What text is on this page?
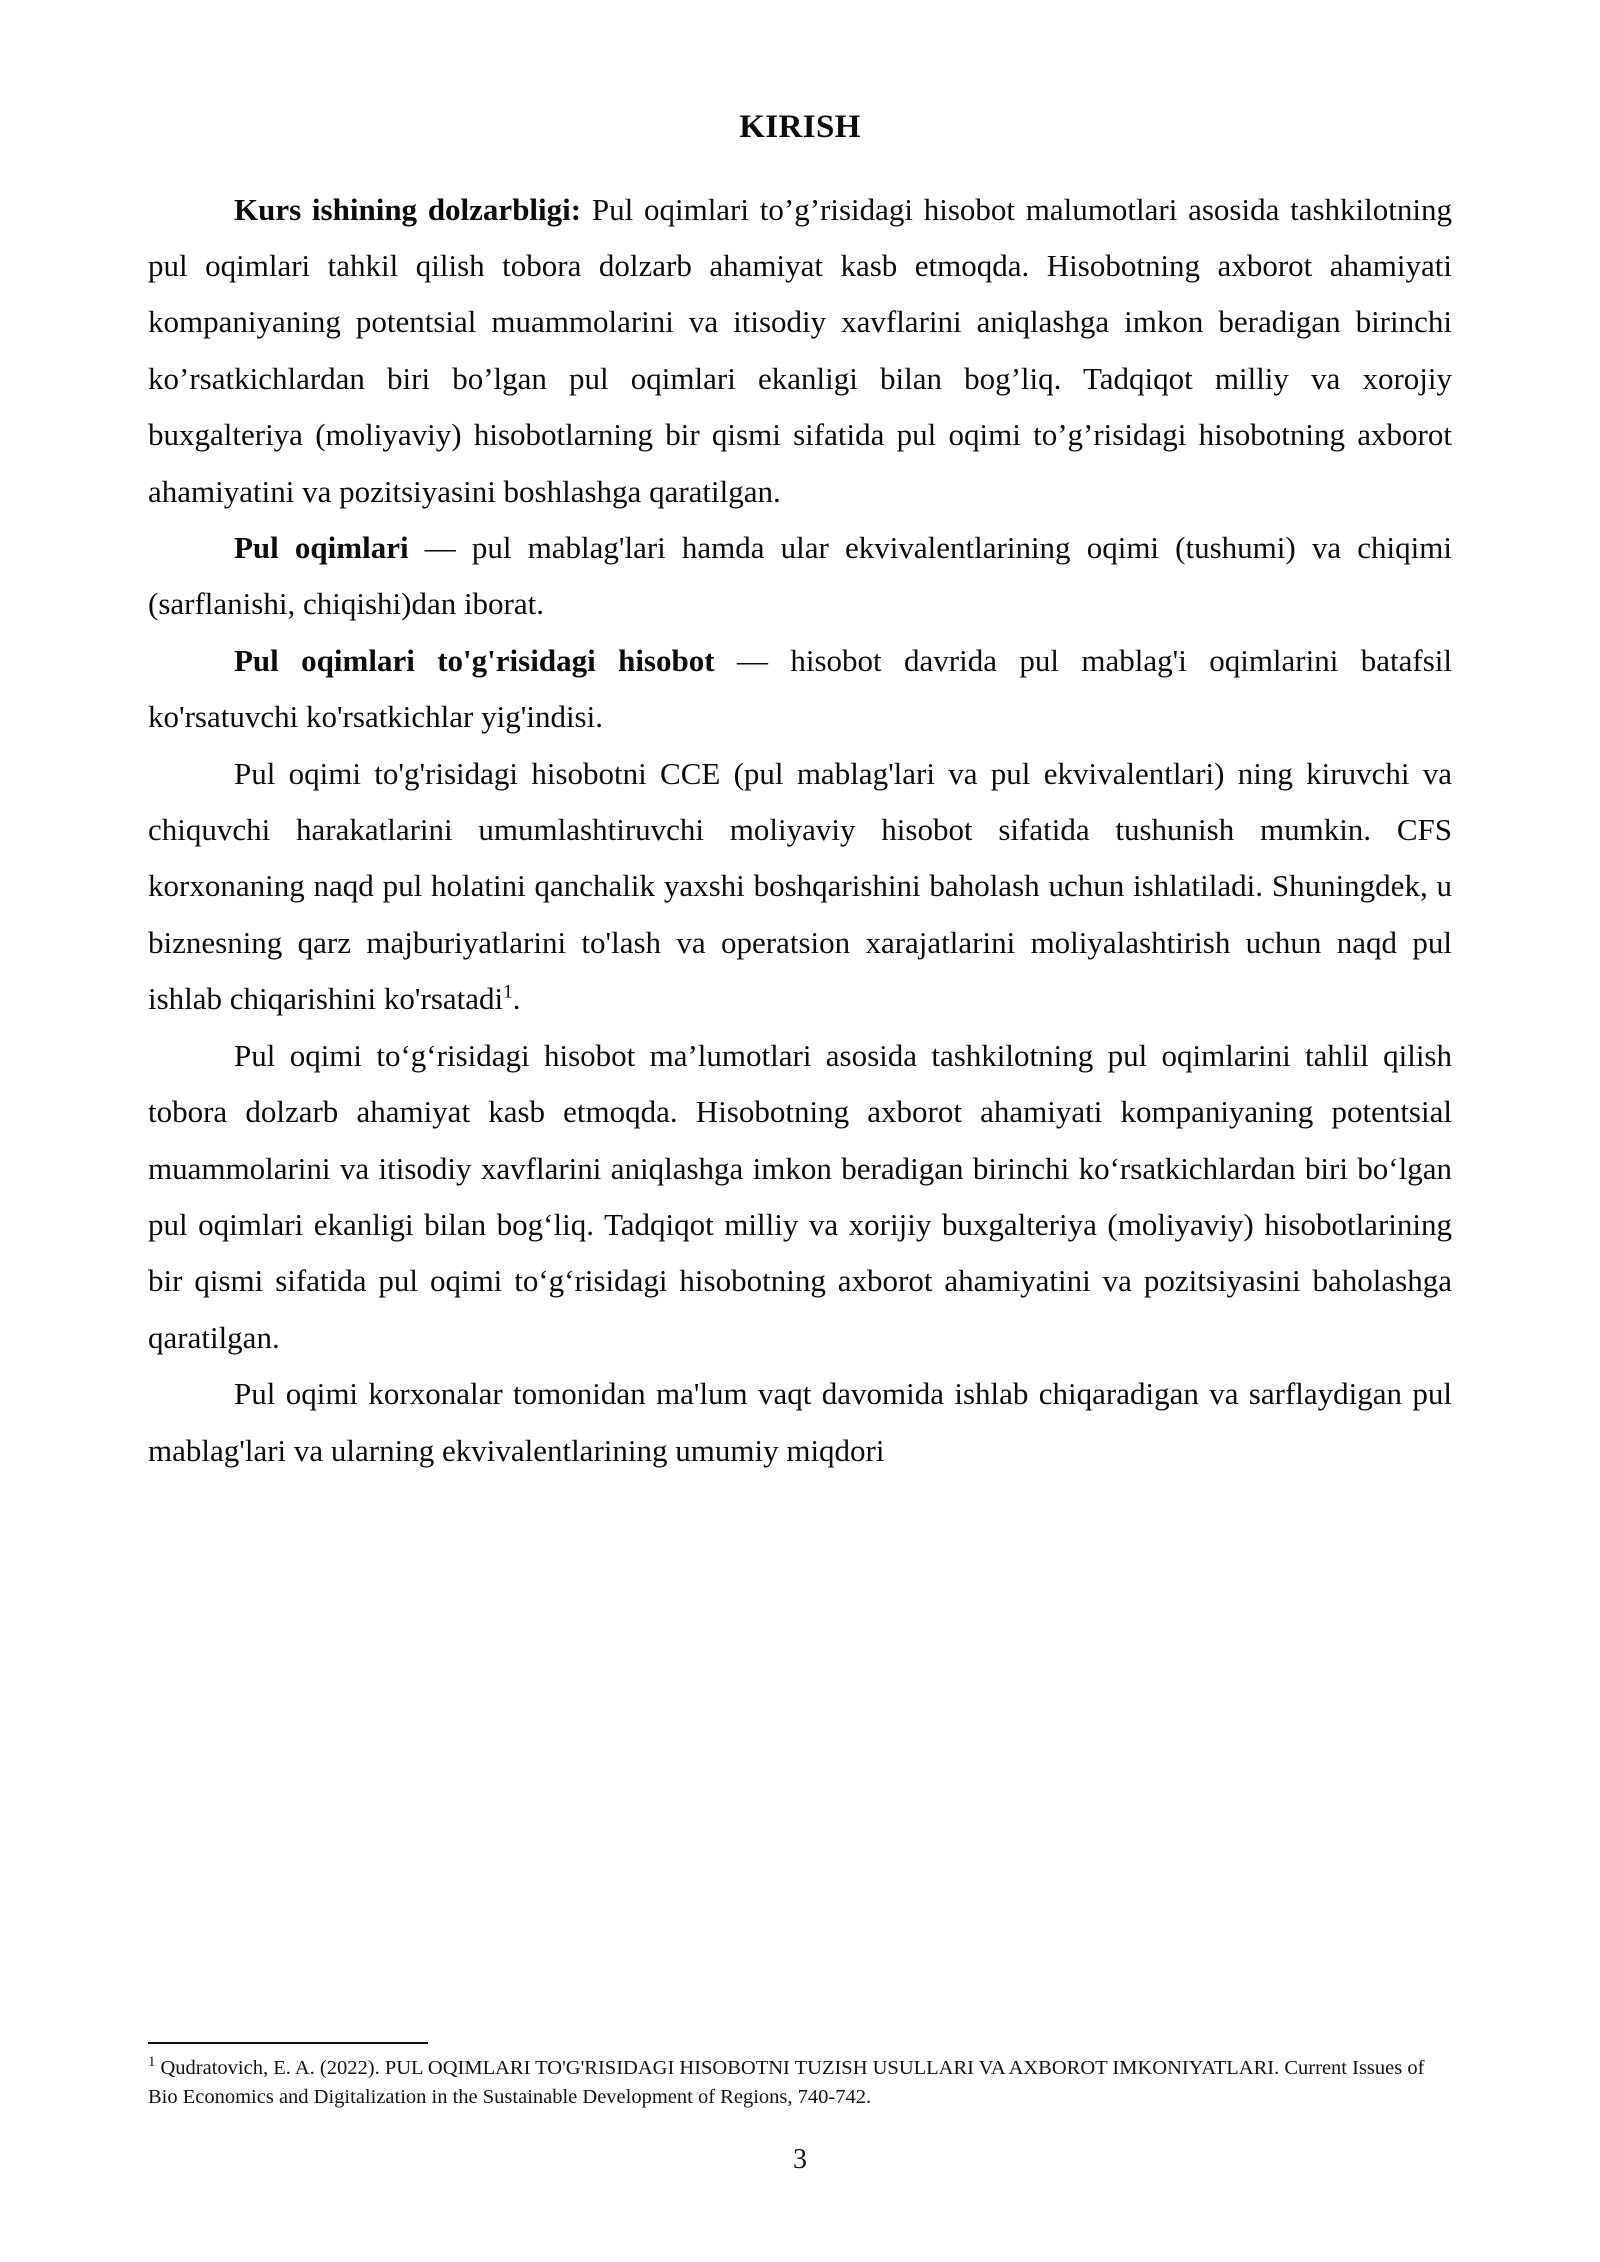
KIRISH

Kurs ishining dolzarbligi: Pul oqimlari to’g’risidagi hisobot malumotlari asosida tashkilotning pul oqimlari tahkil qilish tobora dolzarb ahamiyat kasb etmoqda. Hisobotning axborot ahamiyati kompaniyaning potentsial muammolarini va itisodiy xavflarini aniqlashga imkon beradigan birinchi ko’rsatkichlardan biri bo’lgan pul oqimlari ekanligi bilan bog’liq. Tadqiqot milliy va xorojiy buxgalteriya (moliyaviy) hisobotlarning bir qismi sifatida pul oqimi to’g’risidagi hisobotning axborot ahamiyatini va pozitsiyasini boshlashga qaratilgan.

Pul oqimlari — pul mablag'lari hamda ular ekvivalentlarining oqimi (tushumi) va chiqimi (sarflanishi, chiqishi)dan iborat.

Pul oqimlari to'g'risidagi hisobot — hisobot davrida pul mablag'i oqimlarini batafsil ko'rsatuvchi ko'rsatkichlar yig'indisi.

Pul oqimi to'g'risidagi hisobotni CCE (pul mablag'lari va pul ekvivalentlari) ning kiruvchi va chiquvchi harakatlarini umumlashtiruvchi moliyaviy hisobot sifatida tushunish mumkin. CFS korxonaning naqd pul holatini qanchalik yaxshi boshqarishini baholash uchun ishlatiladi. Shuningdek, u biznesning qarz majburiyatlarini to'lash va operatsion xarajatlarini moliyalashtirish uchun naqd pul ishlab chiqarishini ko'rsatadi$^1$.

Pul oqimi to‘g‘risidagi hisobot ma’lumotlari asosida tashkilotning pul oqimlarini tahlil qilish tobora dolzarb ahamiyat kasb etmoqda. Hisobotning axborot ahamiyati kompaniyaning potentsial muammolarini va itisodiy xavflarini aniqlashga imkon beradigan birinchi ko‘rsatkichlardan biri bo‘lgan pul oqimlari ekanligi bilan bog‘liq. Tadqiqot milliy va xorijiy buxgalteriya (moliyaviy) hisobotlarining bir qismi sifatida pul oqimi to‘g‘risidagi hisobotning axborot ahamiyatini va pozitsiyasini baholashga qaratilgan.

Pul oqimi korxonalar tomonidan ma'lum vaqt davomida ishlab chiqaradigan va sarflaydigan pul mablag'lari va ularning ekvivalentlarining umumiy miqdori

$^1$ Qudratovich, E. A. (2022). PUL OQIMLARI TO'G'RISIDAGI HISOBOTNI TUZISH USULLARI VA AXBOROT IMKONIYATLARI. Current Issues of Bio Economics and Digitalization in the Sustainable Development of Regions, 740-742.

3
